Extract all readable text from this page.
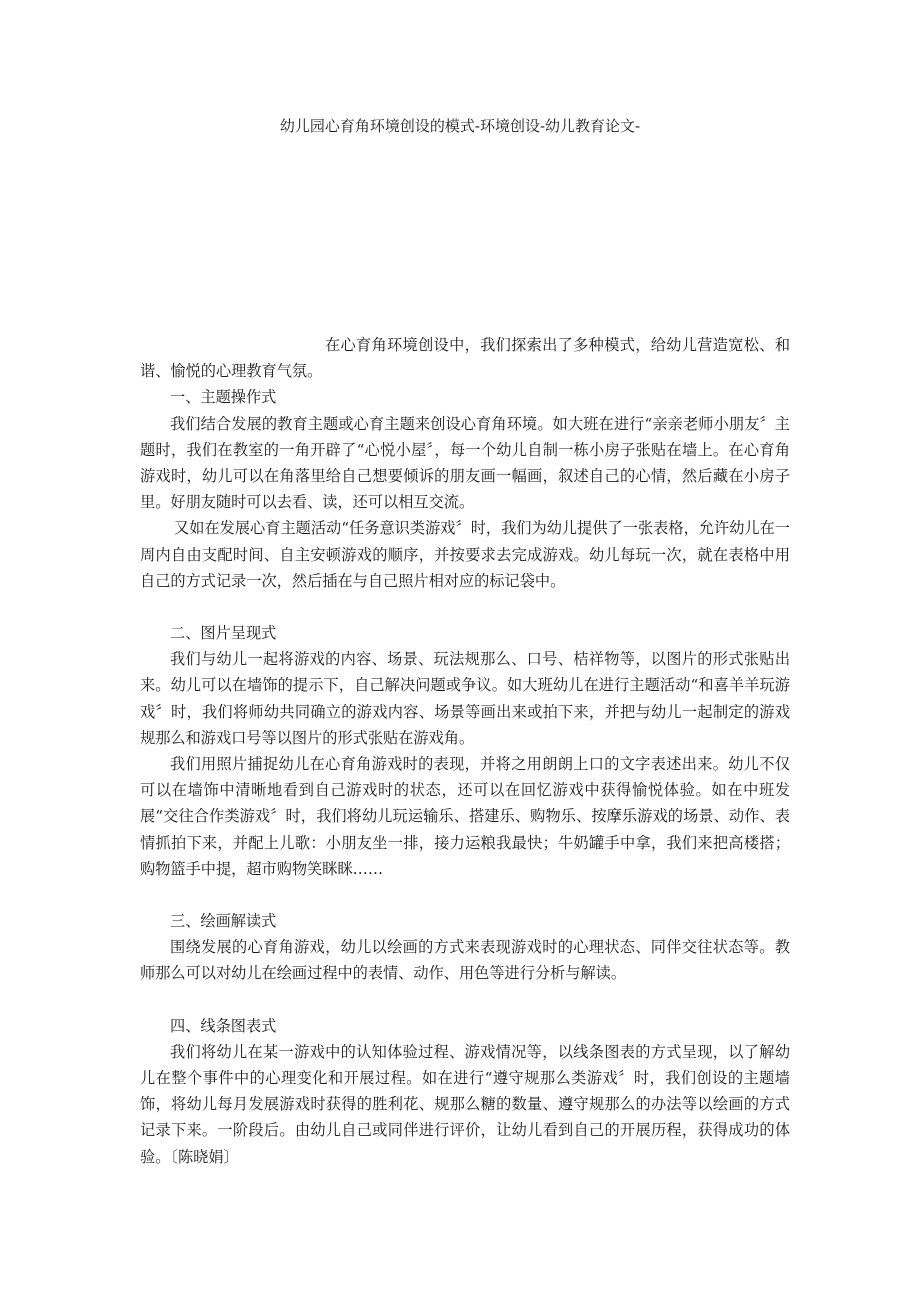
幼儿园心育角环境创设的模式-环境创设-幼儿教育论文-

在心育角环境创设中，我们探索出了多种模式，给幼儿营造宽松、和谐、愉悦的心理教育气氛。

一、主题操作式

我们结合发展的教育主题或心育主题来创设心育角环境。如大班在进行“亲亲老师小朋友〞主题时，我们在教室的一角开辟了“心悦小屋〞，每一个幼儿自制一栋小房子张贴在墙上。在心育角游戏时，幼儿可以在角落里给自己想要倾诉的朋友画一幅画，叙述自己的心情，然后藏在小房子里。好朋友随时可以去看、读，还可以相互交流。

又如在发展心育主题活动“任务意识类游戏〞时，我们为幼儿提供了一张表格，允许幼儿在一周内自由支配时间、自主安顿游戏的顺序，并按要求去完成游戏。幼儿每玩一次，就在表格中用自己的方式记录一次，然后插在与自己照片相对应的标记袋中。

二、图片呈现式

我们与幼儿一起将游戏的内容、场景、玩法规那么、口号、桔祥物等，以图片的形式张贴出来。幼儿可以在墙饰的提示下，自己解决问题或争议。如大班幼儿在进行主题活动“和喜羊羊玩游戏〞时，我们将师幼共同确立的游戏内容、场景等画出来或拍下来，并把与幼儿一起制定的游戏规那么和游戏口号等以图片的形式张贴在游戏角。

我们用照片捕捉幼儿在心育角游戏时的表现，并将之用朗朗上口的文字表述出来。幼儿不仅可以在墙饰中清晰地看到自己游戏时的状态，还可以在回忆游戏中获得愉悦体验。如在中班发展“交往合作类游戏〞时，我们将幼儿玩运输乐、搭建乐、购物乐、按摩乐游戏的场景、动作、表情抓拍下来，并配上儿歌：小朋友坐一排，接力运粮我最快；牛奶罐手中拿，我们来把高楼搭；购物篮手中提，超市购物笑眯眯……

三、绘画解读式

围绕发展的心育角游戏，幼儿以绘画的方式来表现游戏时的心理状态、同伴交往状态等。教师那么可以对幼儿在绘画过程中的表情、动作、用色等进行分析与解读。

四、线条图表式

我们将幼儿在某一游戏中的认知体验过程、游戏情况等，以线条图表的方式呈现，以了解幼儿在整个事件中的心理变化和开展过程。如在进行“遵守规那么类游戏〞时，我们创设的主题墙饰，将幼儿每月发展游戏时获得的胜利花、规那么糖的数量、遵守规那么的办法等以绘画的方式记录下来。一阶段后。由幼儿自己或同伴进行评价，让幼儿看到自己的开展历程，获得成功的体验。〔陈晓娟〕
